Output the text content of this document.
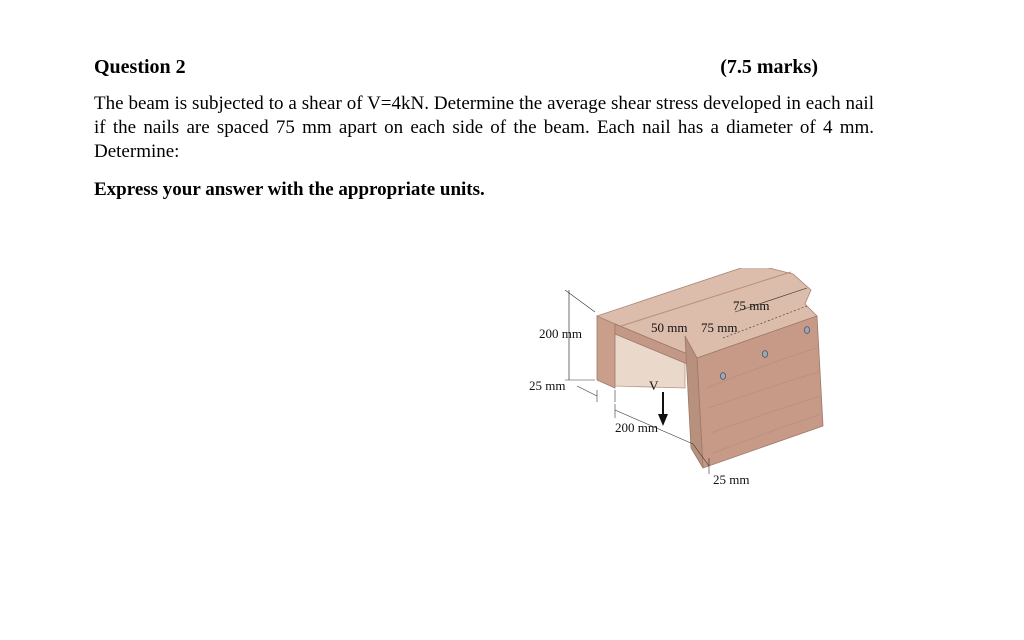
Question 2	(7.5 marks)

The beam is subjected to a shear of V=4kN. Determine the average shear stress developed in each nail if the nails are spaced 75 mm apart on each side of the beam. Each nail has a diameter of 4 mm. Determine:

Express your answer with the appropriate units.
75 mm
50 mm 75 mm
200 mm
25 mm	V
200 mm
25 mm
